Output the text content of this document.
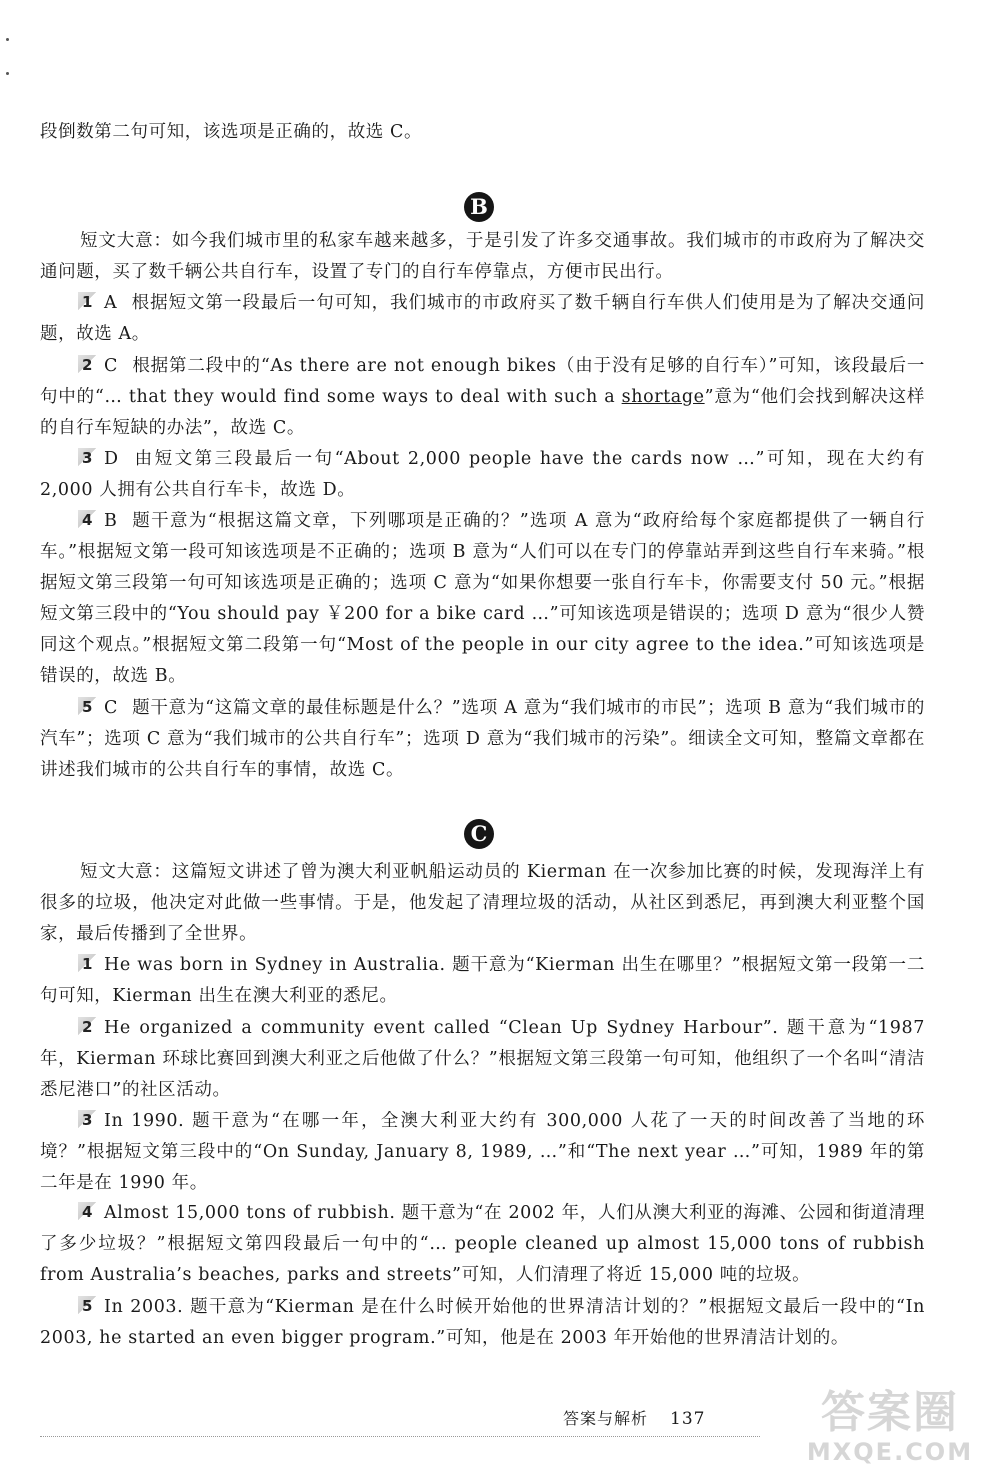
段倒数第二句可知，该选项是正确的，故选 C。

B

短文大意：如今我们城市里的私家车越来越多，于是引发了许多交通事故。我们城市的市政府为了解决交通问题，买了数千辆公共自行车，设置了专门的自行车停靠点，方便市民出行。

1 A 根据短文第一段最后一句可知，我们城市的市政府买了数千辆自行车供人们使用是为了解决交通问题，故选 A。

2 C 根据第二段中的“As there are not enough bikes（由于没有足够的自行车）”可知，该段最后一句中的“… that they would find some ways to deal with such a shortage”意为“他们会找到解决这样的自行车短缺的办法”，故选 C。

3 D 由短文第三段最后一句“About 2,000 people have the cards now …”可知，现在大约有 2,000 人拥有公共自行车卡，故选 D。

4 B 题干意为“根据这篇文章，下列哪项是正确的？”选项 A 意为“政府给每个家庭都提供了一辆自行车。”根据短文第一段可知该选项是不正确的；选项 B 意为“人们可以在专门的停靠站弄到这些自行车来骑。”根据短文第三段第一句可知该选项是正确的；选项 C 意为“如果你想要一张自行车卡，你需要支付 50 元。”根据短文第三段中的“You should pay ￥200 for a bike card …”可知该选项是错误的；选项 D 意为“很少人赞同这个观点。”根据短文第二段第一句“Most of the people in our city agree to the idea.”可知该选项是错误的，故选 B。

5 C 题干意为“这篇文章的最佳标题是什么？”选项 A 意为“我们城市的市民”；选项 B 意为“我们城市的汽车”；选项 C 意为“我们城市的公共自行车”；选项 D 意为“我们城市的污染”。细读全文可知，整篇文章都在讲述我们城市的公共自行车的事情，故选 C。

C

短文大意：这篇短文讲述了曾为澳大利亚帆船运动员的 Kierman 在一次参加比赛的时候，发现海洋上有很多的垃圾，他决定对此做一些事情。于是，他发起了清理垃圾的活动，从社区到悉尼，再到澳大利亚整个国家，最后传播到了全世界。

1 He was born in Sydney in Australia. 题干意为“Kierman 出生在哪里？”根据短文第一段第一二句可知，Kierman 出生在澳大利亚的悉尼。

2 He organized a community event called “Clean Up Sydney Harbour”. 题干意为“1987 年，Kierman 环球比赛回到澳大利亚之后他做了什么？”根据短文第三段第一句可知，他组织了一个名叫“清洁悉尼港口”的社区活动。

3 In 1990. 题干意为“在哪一年，全澳大利亚大约有 300,000 人花了一天的时间改善了当地的环境？”根据短文第三段中的“On Sunday, January 8, 1989, …”和“The next year …”可知，1989 年的第二年是在 1990 年。

4 Almost 15,000 tons of rubbish. 题干意为“在 2002 年，人们从澳大利亚的海滩、公园和街道清理了多少垃圾？”根据短文第四段最后一句中的“… people cleaned up almost 15,000 tons of rubbish from Australia’s beaches, parks and streets”可知，人们清理了将近 15,000 吨的垃圾。

5 In 2003. 题干意为“Kierman 是在什么时候开始他的世界清洁计划的？”根据短文最后一段中的“In 2003, he started an even bigger program.”可知，他是在 2003 年开始他的世界清洁计划的。

答案与解析 137	答案圈
MXQE.COM
